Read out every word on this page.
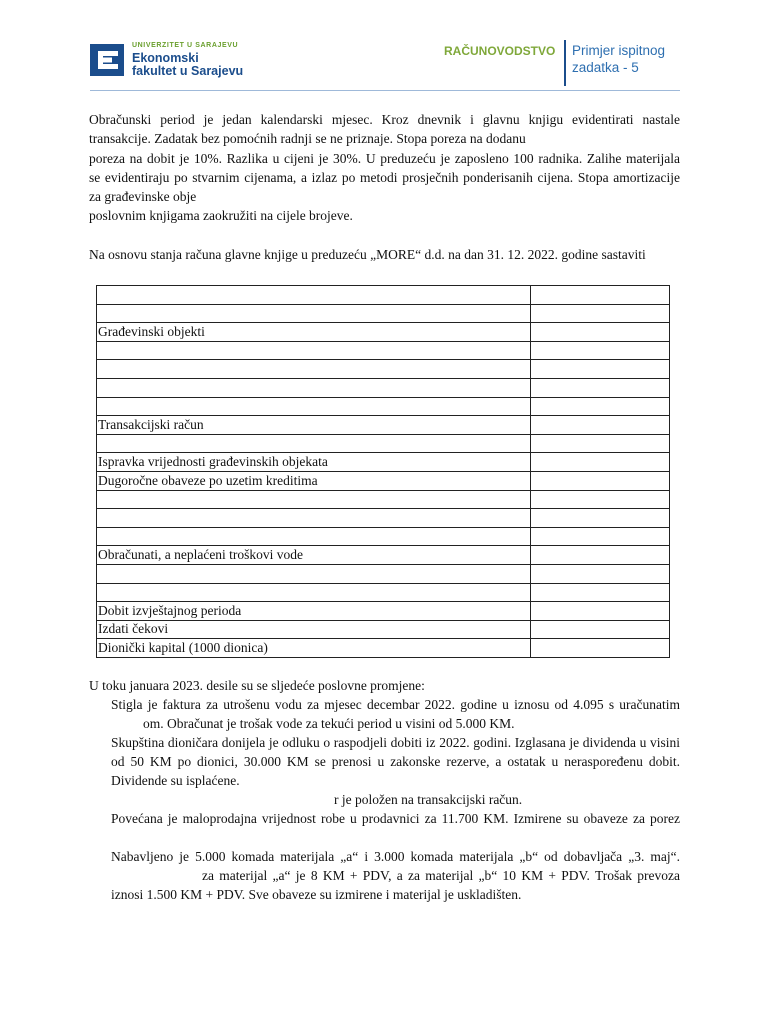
UNIVERZITET U SARAJEVU
Ekonomski
fakultet u Sarajevu
RAČUNOVODSTVO Primjer ispitnog
zadatka - 5
Obračunski period je jedan kalendarski mjesec. Kroz dnevnik i glavnu knjigu evidentirati nastale
transakcije. Zadatak bez pomoćnih radnji se ne priznaje. Stopa poreza na dodanu
poreza na dobit je 10%. Razlika u cijeni je 30%. U preduzeću je zaposleno 100 radnika. Zalihe materijala
se evidentiraju po stvarnim cijenama, a izlaz po metodi prosječnih ponderisanih cijena. Stopa amortizacije
za građevinske obje
poslovnim knjigama zaokružiti na cijele brojeve.
Na osnovu stanja računa glavne knjige u preduzeću „MORE“ d.d. na dan 31. 12. 2022. godine sastaviti

Građevinski objekti	

Transakcijski račun	

Ispravka vrijednosti građevinskih objekata	
Dugoročne obaveze po uzetim kreditima	

Obračunati, a neplaćeni troškovi vode	

Dobit izvještajnog perioda	
Izdati čekovi	
Dionički kapital (1000 dionica)	
U toku januara 2023. desile su se sljedeće poslovne promjene:
Stigla je faktura za utrošenu vodu za mjesec decembar 2022. godine u iznosu od 4.095 s uračunatim
om. Obračunat je trošak vode za tekući period u visini od 5.000 KM.
Skupština dioničara donijela je odluku o raspodjeli dobiti iz 2022. godini. Izglasana je dividenda u visini
od 50 KM po dionici, 30.000 KM se prenosi u zakonske rezerve, a ostatak u neraspoređenu dobit.
Dividende su isplaćene.
r je položen na transakcijski račun.
Povećana je maloprodajna vrijednost robe u prodavnici za 11.700 KM. Izmirene su obaveze za porez
Nabavljeno je 5.000 komada materijala „a“ i 3.000 komada materijala „b“ od dobavljača „3. maj“.
za materijal „a“ je 8 KM + PDV, a za materijal „b“ 10 KM + PDV. Trošak prevoza
iznosi 1.500 KM + PDV. Sve obaveze su izmirene i materijal je uskladišten.
